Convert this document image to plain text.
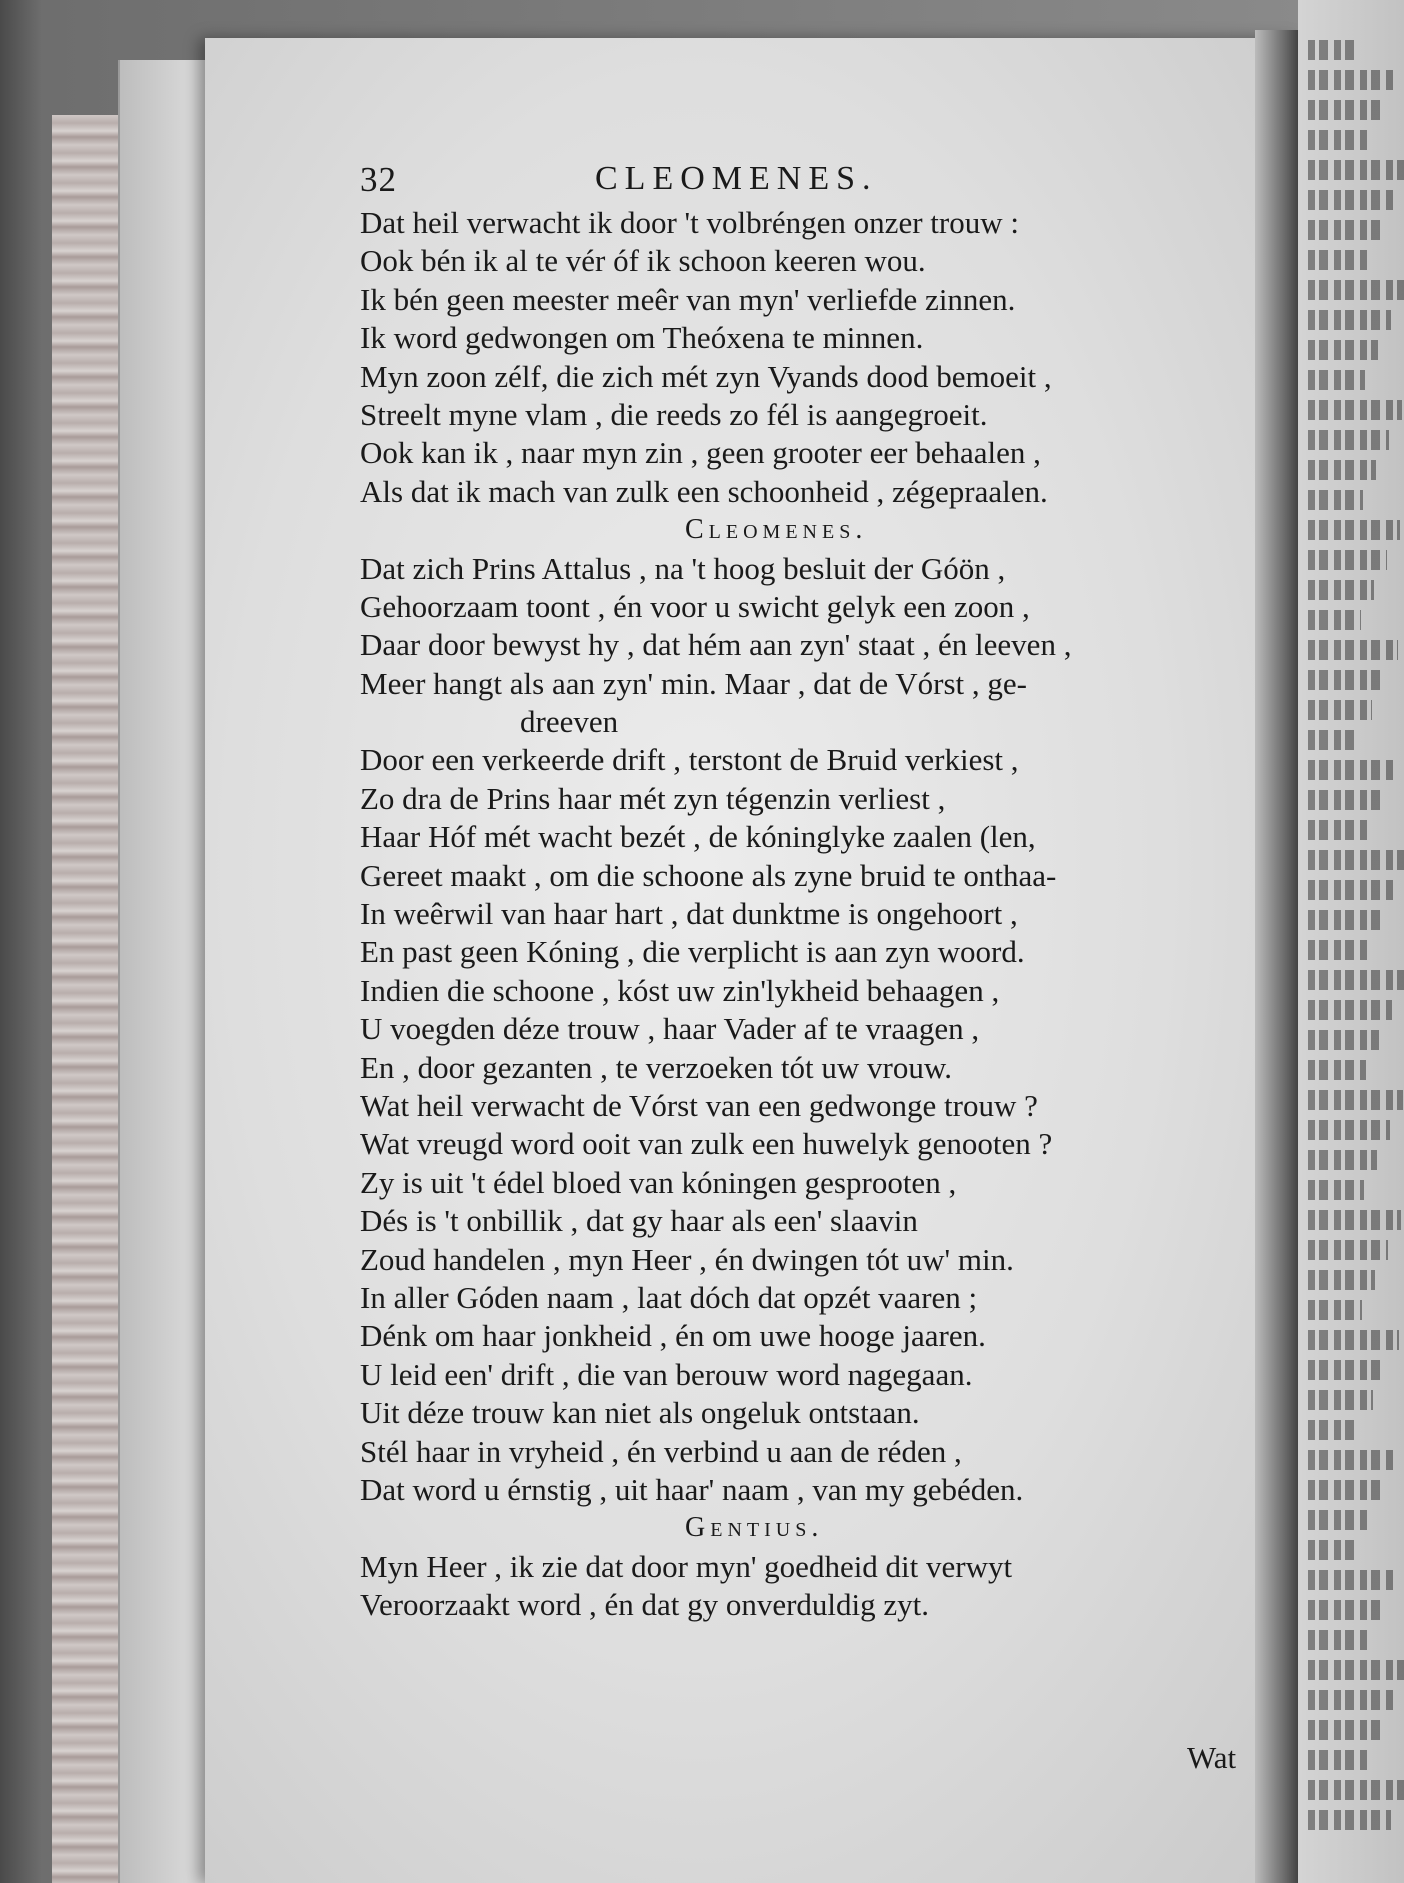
32	CLEOMENES.
Dat heil verwacht ik door 't volbréngen onzer trouw :
Ook bén ik al te vér óf ik schoon keeren wou.
Ik bén geen meester meêr van myn' verliefde zinnen.
Ik word gedwongen om Theóxena te minnen.
Myn zoon zélf, die zich mét zyn Vyands dood bemoeit ,
Streelt myne vlam , die reeds zo fél is aangegroeit.
Ook kan ik , naar myn zin , geen grooter eer behaalen ,
Als dat ik mach van zulk een schoonheid , zégepraalen.
Cleomenes.
Dat zich Prins Attalus , na 't hoog besluit der Góön ,
Gehoorzaam toont , én voor u swicht gelyk een zoon ,
Daar door bewyst hy , dat hém aan zyn' staat , én leeven ,
Meer hangt als aan zyn' min. Maar , dat de Vórst , ge-
dreeven
Door een verkeerde drift , terstont de Bruid verkiest ,
Zo dra de Prins haar mét zyn tégenzin verliest ,
Haar Hóf mét wacht bezét , de kóninglyke zaalen (len,
Gereet maakt , om die schoone als zyne bruid te onthaa-
In weêrwil van haar hart , dat dunktme is ongehoort ,
En past geen Kóning , die verplicht is aan zyn woord.
Indien die schoone , kóst uw zin'lykheid behaagen ,
U voegden déze trouw , haar Vader af te vraagen ,
En , door gezanten , te verzoeken tót uw vrouw.
Wat heil verwacht de Vórst van een gedwonge trouw ?
Wat vreugd word ooit van zulk een huwelyk genooten ?
Zy is uit 't édel bloed van kóningen gesprooten ,
Dés is 't onbillik , dat gy haar als een' slaavin
Zoud handelen , myn Heer , én dwingen tót uw' min.
In aller Góden naam , laat dóch dat opzét vaaren ;
Dénk om haar jonkheid , én om uwe hooge jaaren.
U leid een' drift , die van berouw word nagegaan.
Uit déze trouw kan niet als ongeluk ontstaan.
Stél haar in vryheid , én verbind u aan de réden ,
Dat word u érnstig , uit haar' naam , van my gebéden.
Gentius.
Myn Heer , ik zie dat door myn' goedheid dit verwyt
Veroorzaakt word , én dat gy onverduldig zyt.
Wat
